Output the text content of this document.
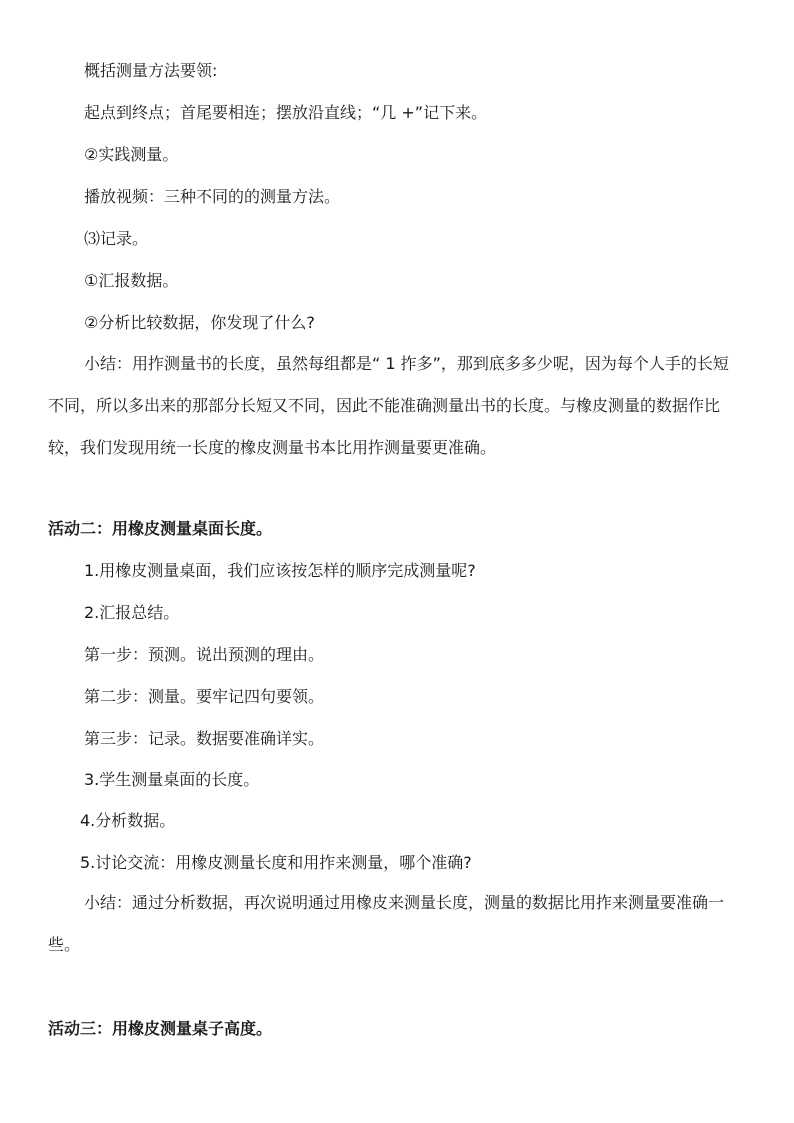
概括测量方法要领:

起点到终点；首尾要相连；摆放沿直线；“几 +”记下来。

②实践测量。

播放视频：三种不同的的测量方法。

⑶记录。

①汇报数据。

②分析比较数据，你发现了什么?

小结：用拃测量书的长度，虽然每组都是“ 1 拃多”，那到底多多少呢，因为每个人手的长短不同，所以多出来的那部分长短又不同，因此不能准确测量出书的长度。与橡皮测量的数据作比较，我们发现用统一长度的橡皮测量书本比用拃测量要更准确。

活动二：用橡皮测量桌面长度。

1.用橡皮测量桌面，我们应该按怎样的顺序完成测量呢?

2.汇报总结。

第一步：预测。说出预测的理由。

第二步：测量。要牢记四句要领。

第三步：记录。数据要准确详实。

3.学生测量桌面的长度。

4.分析数据。

5.讨论交流：用橡皮测量长度和用拃来测量，哪个准确?

小结：通过分析数据，再次说明通过用橡皮来测量长度，测量的数据比用拃来测量要准确一些。

活动三：用橡皮测量桌子高度。
